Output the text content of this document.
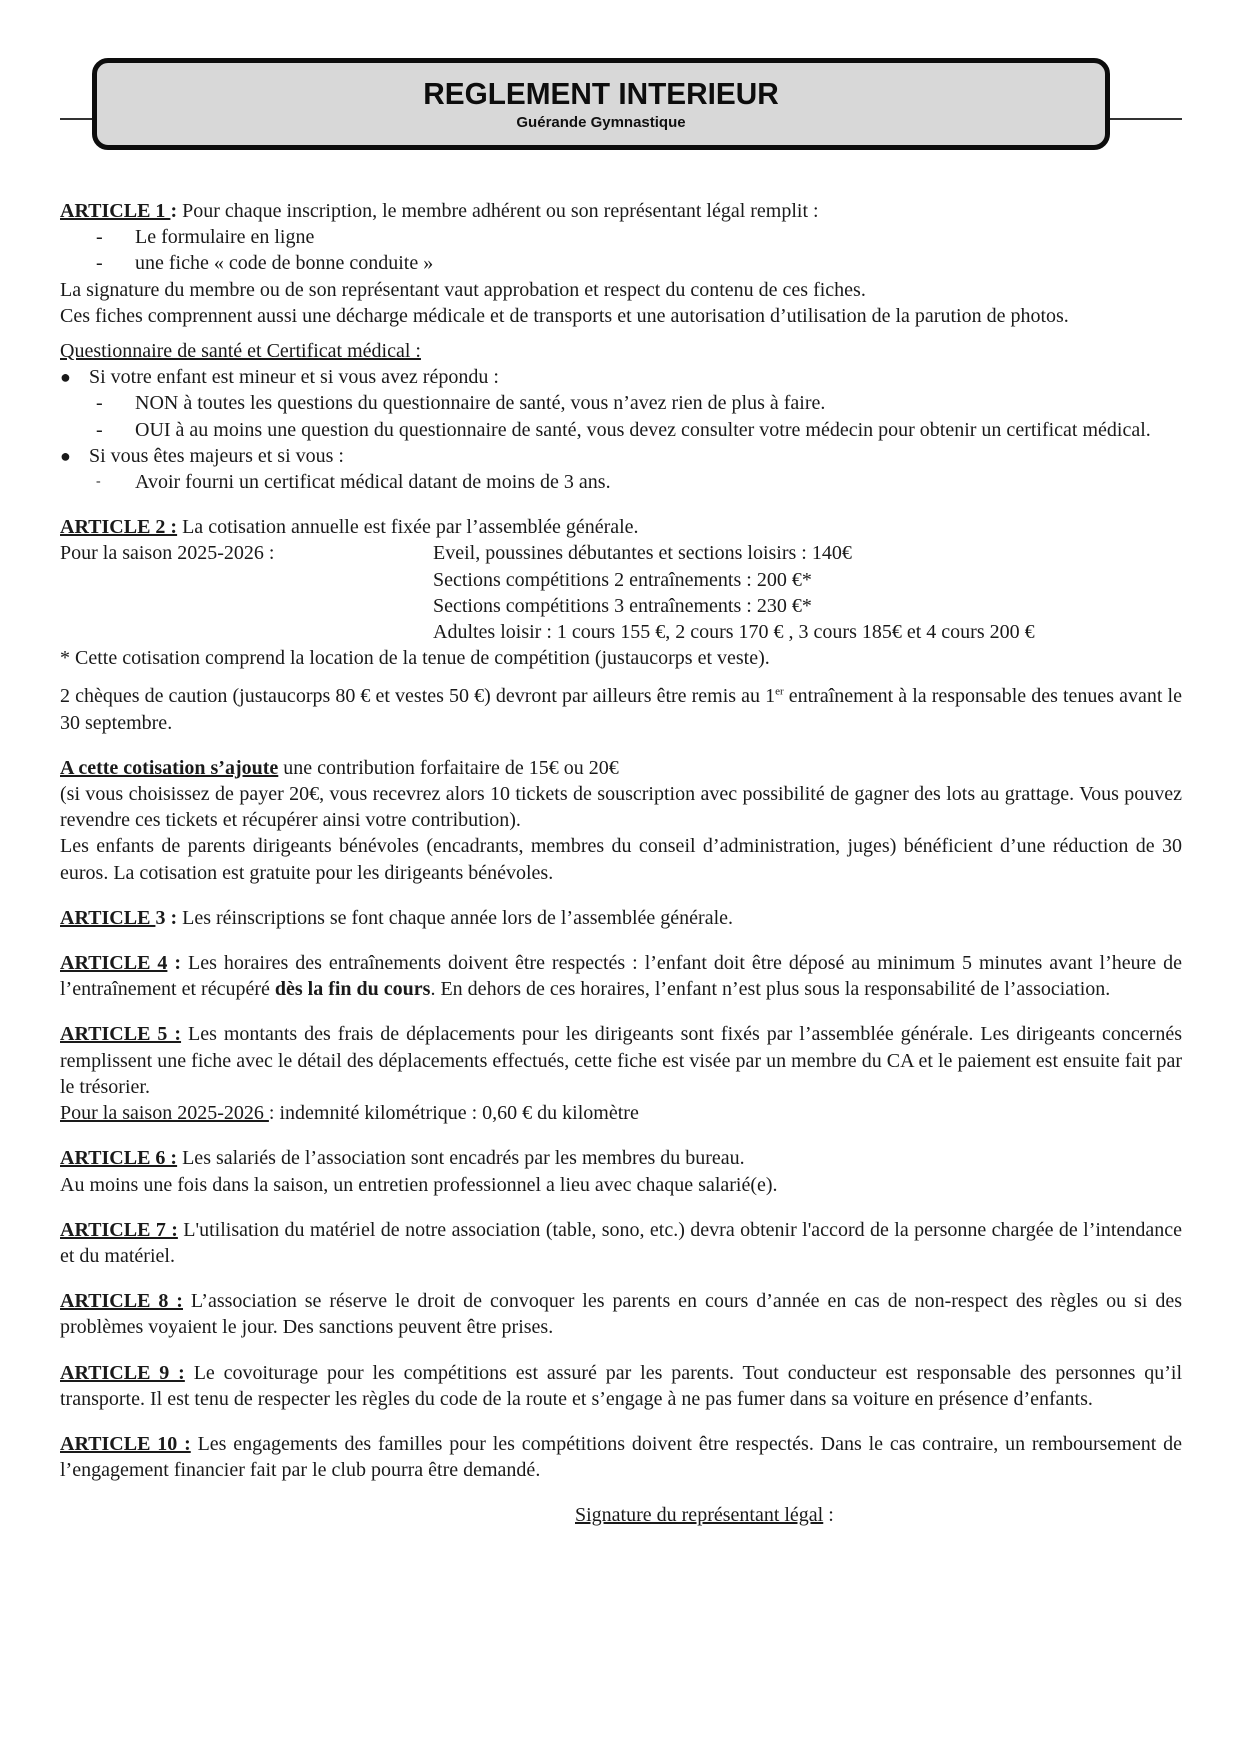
REGLEMENT INTERIEUR
Guérande Gymnastique

ARTICLE 1 : Pour chaque inscription, le membre adhérent ou son représentant légal remplit :

- Le formulaire en ligne
- une fiche « code de bonne conduite »

La signature du membre ou de son représentant vaut approbation et respect du contenu de ces fiches.

Ces fiches comprennent aussi une décharge médicale et de transports et une autorisation d’utilisation de la parution de photos.

Questionnaire de santé et Certificat médical :

● Si votre enfant est mineur et si vous avez répondu :
- NON à toutes les questions du questionnaire de santé, vous n’avez rien de plus à faire.
- OUI à au moins une question du questionnaire de santé, vous devez consulter votre médecin pour obtenir un certificat médical.
● Si vous êtes majeurs et si vous :
- Avoir fourni un certificat médical datant de moins de 3 ans.

ARTICLE 2 : La cotisation annuelle est fixée par l’assemblée générale.

Pour la saison 2025-2026 :	Eveil, poussines débutantes et sections loisirs : 140€
Sections compétitions 2 entraînements : 200 €*
Sections compétitions 3 entraînements : 230 €*
Adultes loisir : 1 cours 155 €, 2 cours 170 € , 3 cours 185€ et 4 cours 200 €

* Cette cotisation comprend la location de la tenue de compétition (justaucorps et veste).

2 chèques de caution (justaucorps 80 € et vestes 50 €) devront par ailleurs être remis au 1er entraînement à la responsable des tenues avant le 30 septembre.

A cette cotisation s’ajoute une contribution forfaitaire de 15€ ou 20€

(si vous choisissez de payer 20€, vous recevrez alors 10 tickets de souscription avec possibilité de gagner des lots au grattage. Vous pouvez revendre ces tickets et récupérer ainsi votre contribution).

Les enfants de parents dirigeants bénévoles (encadrants, membres du conseil d’administration, juges) bénéficient d’une réduction de 30 euros. La cotisation est gratuite pour les dirigeants bénévoles.

ARTICLE 3 : Les réinscriptions se font chaque année lors de l’assemblée générale.

ARTICLE 4 : Les horaires des entraînements doivent être respectés : l’enfant doit être déposé au minimum 5 minutes avant l’heure de l’entraînement et récupéré dès la fin du cours. En dehors de ces horaires, l’enfant n’est plus sous la responsabilité de l’association.

ARTICLE 5 : Les montants des frais de déplacements pour les dirigeants sont fixés par l’assemblée générale. Les dirigeants concernés remplissent une fiche avec le détail des déplacements effectués, cette fiche est visée par un membre du CA et le paiement est ensuite fait par le trésorier.

Pour la saison 2025-2026 : indemnité kilométrique : 0,60 € du kilomètre

ARTICLE 6 : Les salariés de l’association sont encadrés par les membres du bureau.

Au moins une fois dans la saison, un entretien professionnel a lieu avec chaque salarié(e).

ARTICLE 7 : L'utilisation du matériel de notre association (table, sono, etc.) devra obtenir l'accord de la personne chargée de l’intendance et du matériel.

ARTICLE 8 : L’association se réserve le droit de convoquer les parents en cours d’année en cas de non-respect des règles ou si des problèmes voyaient le jour. Des sanctions peuvent être prises.

ARTICLE 9 : Le covoiturage pour les compétitions est assuré par les parents. Tout conducteur est responsable des personnes qu’il transporte. Il est tenu de respecter les règles du code de la route et s’engage à ne pas fumer dans sa voiture en présence d’enfants.

ARTICLE 10 : Les engagements des familles pour les compétitions doivent être respectés. Dans le cas contraire, un remboursement de l’engagement financier fait par le club pourra être demandé.

Signature du représentant légal :
